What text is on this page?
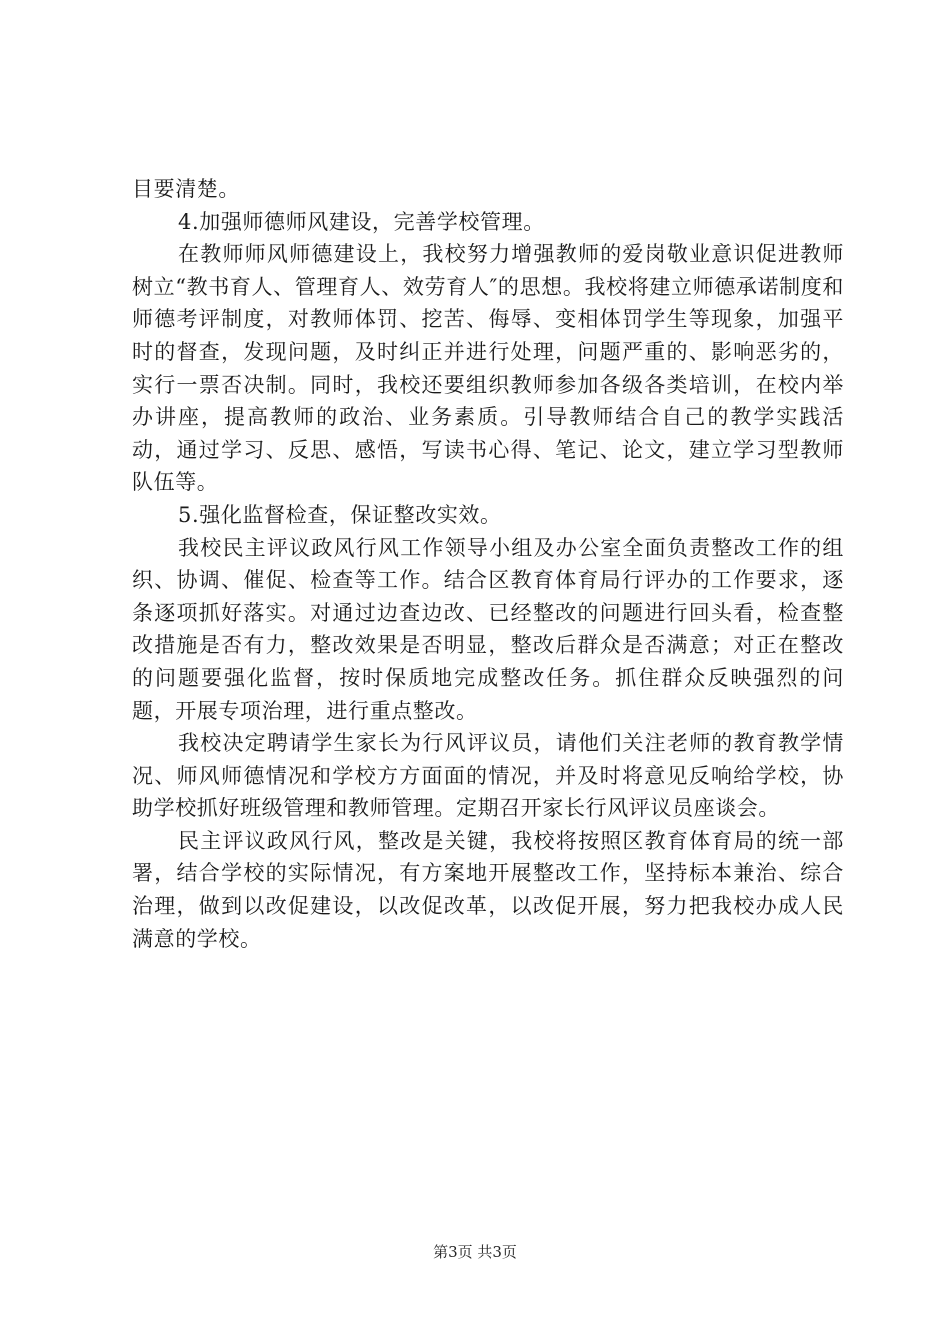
目要清楚。

4.加强师德师风建设，完善学校管理。

在教师师风师德建设上，我校努力增强教师的爱岗敬业意识促进教师树立“教书育人、管理育人、效劳育人″的思想。我校将建立师德承诺制度和师德考评制度，对教师体罚、挖苦、侮辱、变相体罚学生等现象，加强平时的督查，发现问题，及时纠正并进行处理，问题严重的、影响恶劣的，实行一票否决制。同时，我校还要组织教师参加各级各类培训，在校内举办讲座，提高教师的政治、业务素质。引导教师结合自己的教学实践活动，通过学习、反思、感悟，写读书心得、笔记、论文，建立学习型教师队伍等。

5.强化监督检查，保证整改实效。

我校民主评议政风行风工作领导小组及办公室全面负责整改工作的组织、协调、催促、检查等工作。结合区教育体育局行评办的工作要求，逐条逐项抓好落实。对通过边查边改、已经整改的问题进行回头看，检查整改措施是否有力，整改效果是否明显，整改后群众是否满意；对正在整改的问题要强化监督，按时保质地完成整改任务。抓住群众反映强烈的问题，开展专项治理，进行重点整改。

我校决定聘请学生家长为行风评议员，请他们关注老师的教育教学情况、师风师德情况和学校方方面面的情况，并及时将意见反响给学校，协助学校抓好班级管理和教师管理。定期召开家长行风评议员座谈会。

民主评议政风行风，整改是关键，我校将按照区教育体育局的统一部署，结合学校的实际情况，有方案地开展整改工作，坚持标本兼治、综合治理，做到以改促建设，以改促改革，以改促开展，努力把我校办成人民满意的学校。

第3页 共3页
